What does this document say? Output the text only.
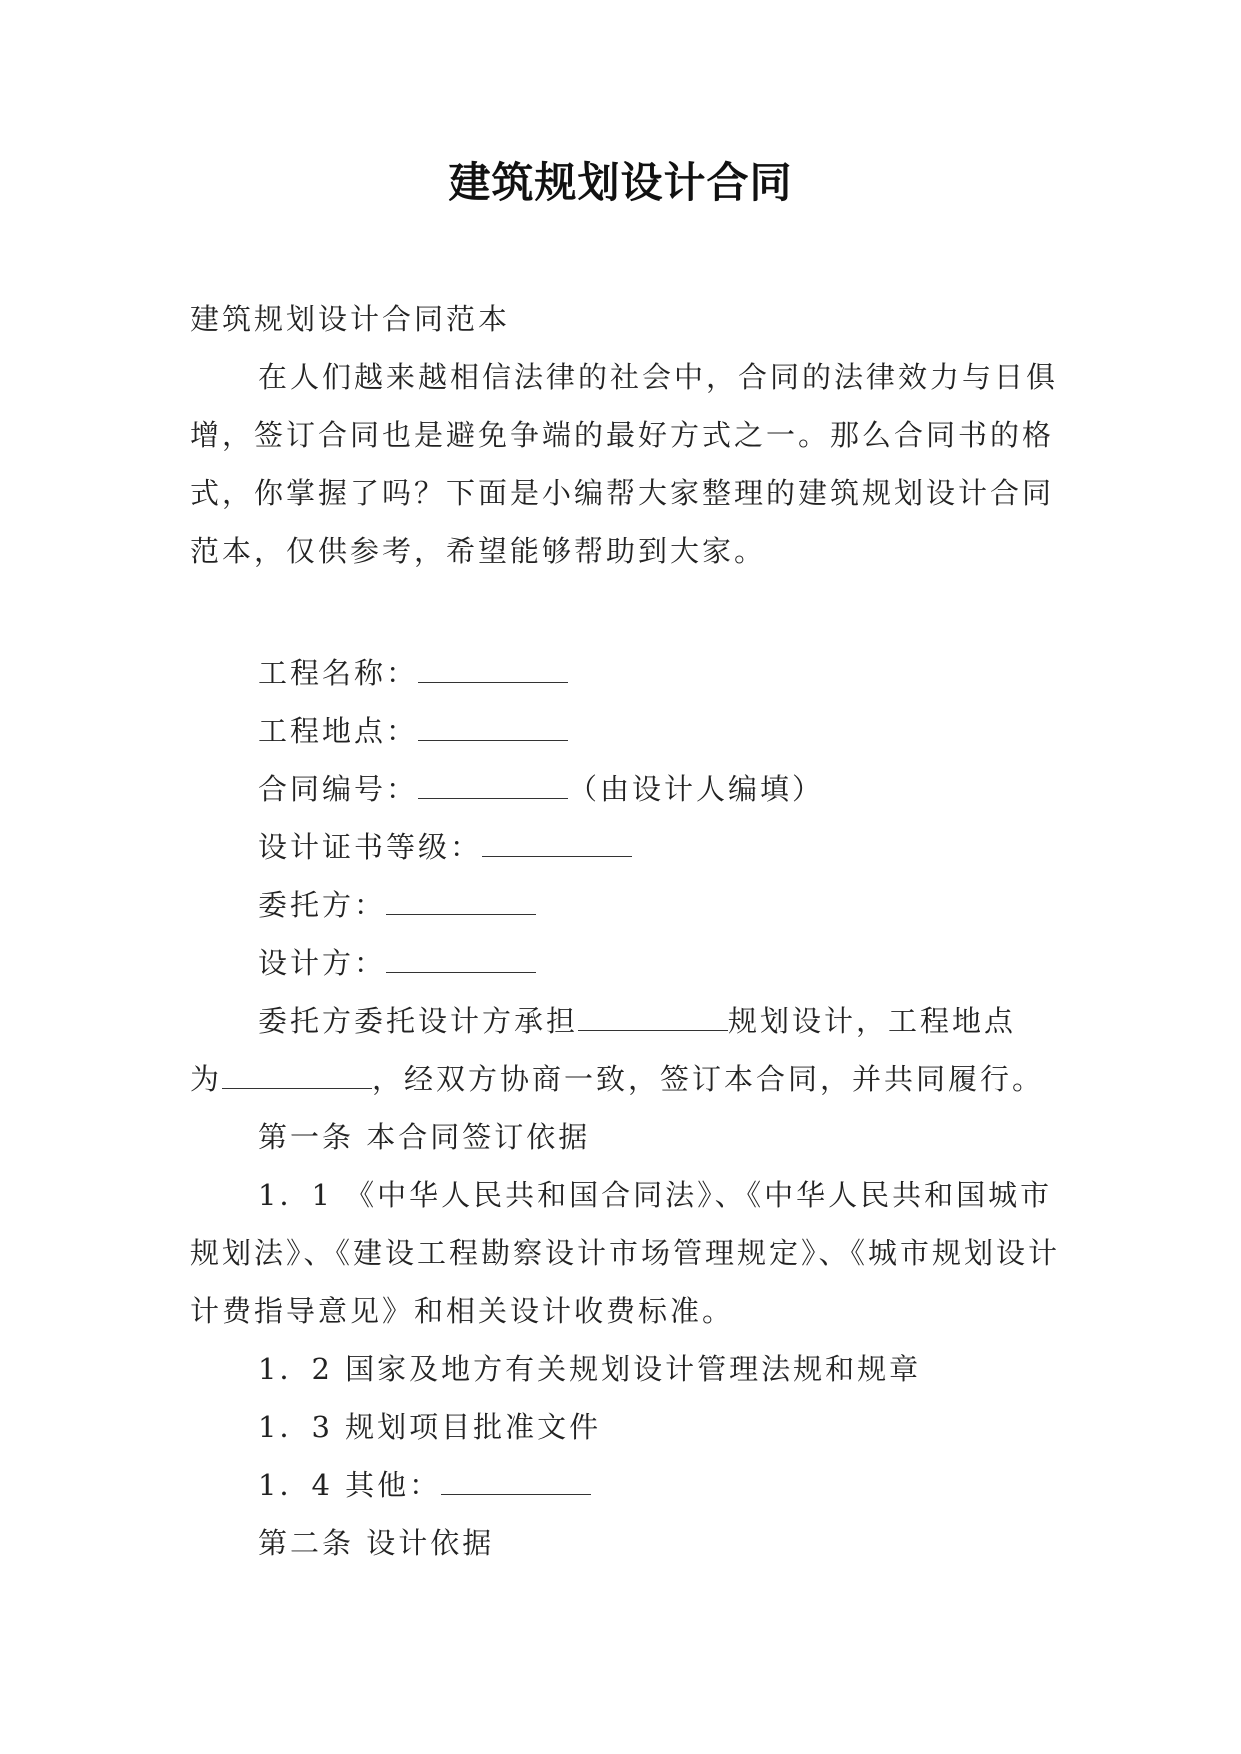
建筑规划设计合同

建筑规划设计合同范本

在人们越来越相信法律的社会中，合同的法律效力与日俱增，签订合同也是避免争端的最好方式之一。那么合同书的格式，你掌握了吗？下面是小编帮大家整理的建筑规划设计合同范本，仅供参考，希望能够帮助到大家。

工程名称：

工程地点：

合同编号：	（由设计人编填）

设计证书等级：

委托方：

设计方：

委托方委托设计方承担	规划设计，工程地点

为	，经双方协商一致，签订本合同，并共同履行。

第一条 本合同签订依据

1．1 《中华人民共和国合同法》、《中华人民共和国城市规划法》、《建设工程勘察设计市场管理规定》、《城市规划设计计费指导意见》和相关设计收费标准。

1．2 国家及地方有关规划设计管理法规和规章

1．3 规划项目批准文件

1．4 其他：

第二条 设计依据
